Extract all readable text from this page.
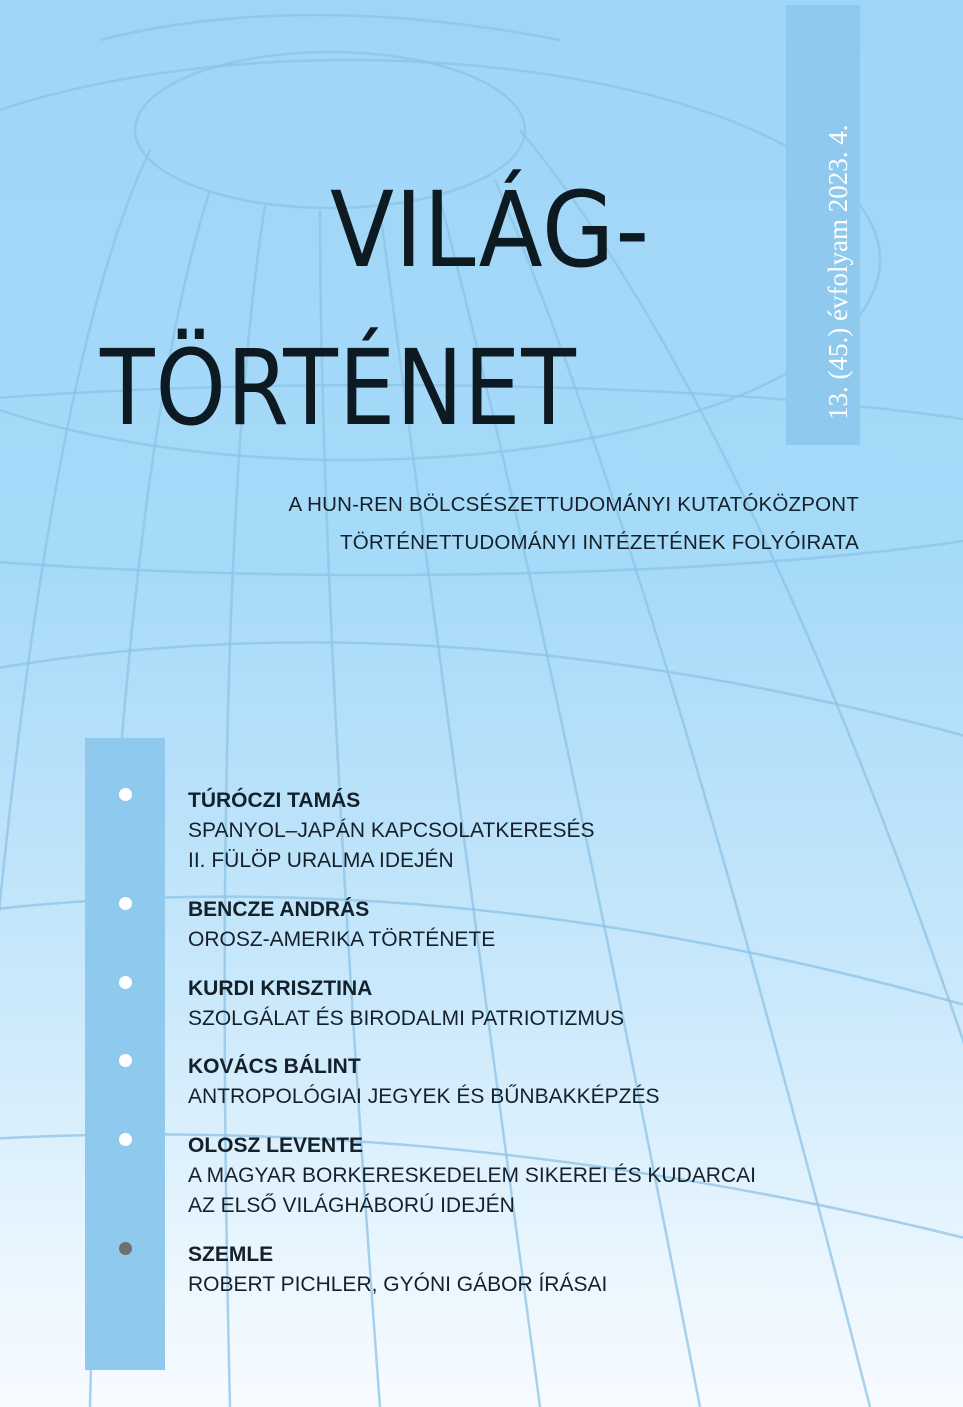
13. (45.) évfolyam 2023. 4.
VILÁG-
TÖRTÉNET

A HUN-REN BÖLCSÉSZETTUDOMÁNYI KUTATÓKÖZPONT

TÖRTÉNETTUDOMÁNYI INTÉZETÉNEK FOLYÓIRATA

TÚRÓCZI TAMÁS

SPANYOL–JAPÁN KAPCSOLATKERESÉS

II. FÜLÖP URALMA IDEJÉN

BENCZE ANDRÁS

OROSZ-AMERIKA TÖRTÉNETE

KURDI KRISZTINA

SZOLGÁLAT ÉS BIRODALMI PATRIOTIZMUS

KOVÁCS BÁLINT

ANTROPOLÓGIAI JEGYEK ÉS BŰNBAKKÉPZÉS

OLOSZ LEVENTE

A MAGYAR BORKERESKEDELEM SIKEREI ÉS KUDARCAI

AZ ELSŐ VILÁGHÁBORÚ IDEJÉN

SZEMLE

ROBERT PICHLER, GYÓNI GÁBOR ÍRÁSAI
